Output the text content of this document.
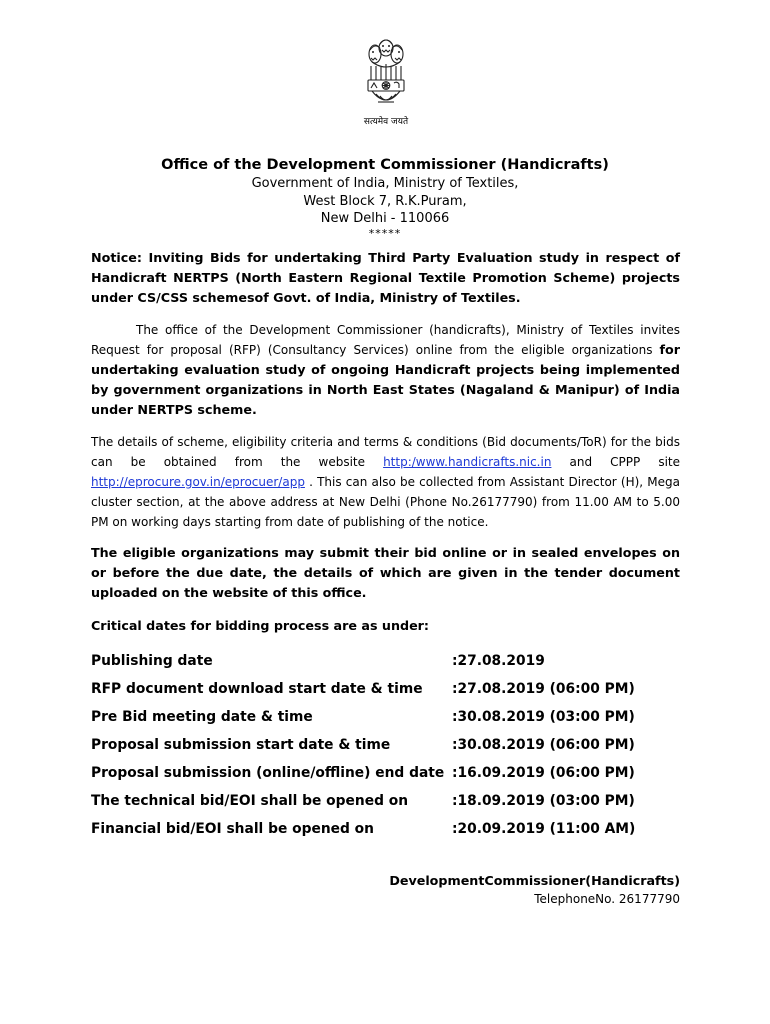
सत्यमेव जयते
Office of the Development Commissioner (Handicrafts)
Government of India, Ministry of Textiles,
West Block 7, R.K.Puram,
New Delhi - 110066
*****
Notice: Inviting Bids for undertaking Third Party Evaluation study in respect of Handicraft NERTPS (North Eastern Regional Textile Promotion Scheme) projects under CS/CSS schemesof Govt. of India, Ministry of Textiles.
The office of the Development Commissioner (handicrafts), Ministry of Textiles invites Request for proposal (RFP) (Consultancy Services) online from the eligible organizations for undertaking evaluation study of ongoing Handicraft projects being implemented by government organizations in North East States (Nagaland & Manipur) of India under NERTPS scheme.
The details of scheme, eligibility criteria and terms & conditions (Bid documents/ToR) for the bids can be obtained from the website http:/www.handicrafts.nic.in and CPPP site http://eprocure.gov.in/eprocuer/app . This can also be collected from Assistant Director (H), Mega cluster section, at the above address at New Delhi (Phone No.26177790) from 11.00 AM to 5.00 PM on working days starting from date of publishing of the notice.
The eligible organizations may submit their bid online or in sealed envelopes on or before the due date, the details of which are given in the tender document uploaded on the website of this office.
Critical dates for bidding process are as under:
Publishing date	:27.08.2019
RFP document download start date & time	:27.08.2019 (06:00 PM)
Pre Bid meeting date & time	:30.08.2019 (03:00 PM)
Proposal submission start date & time	:30.08.2019 (06:00 PM)
Proposal submission (online/offline) end date :16.09.2019 (06:00 PM)
The technical bid/EOI shall be opened on	:18.09.2019 (03:00 PM)
Financial bid/EOI shall be opened on	:20.09.2019 (11:00 AM)
DevelopmentCommissioner(Handicrafts)
TelephoneNo. 26177790
